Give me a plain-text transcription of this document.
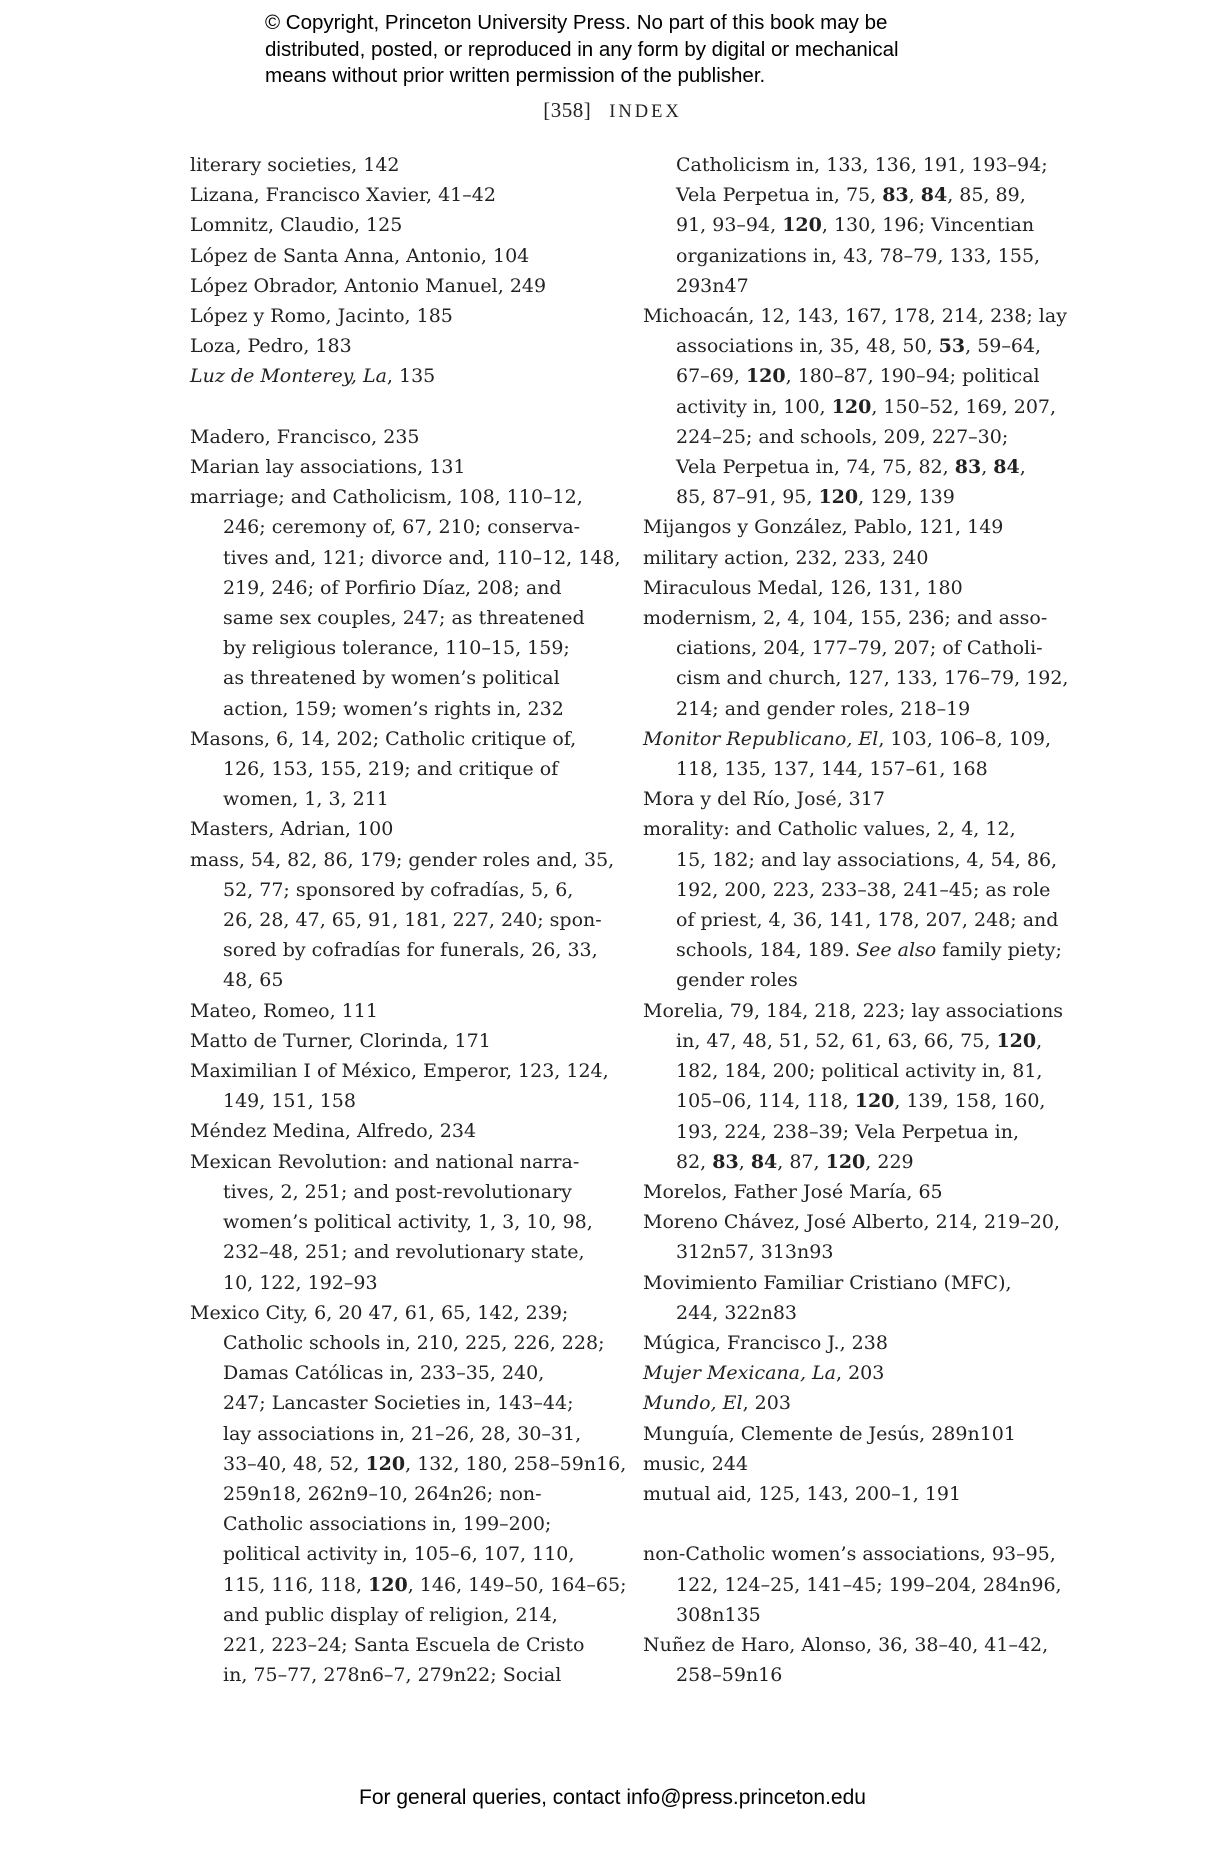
© Copyright, Princeton University Press. No part of this book may be
distributed, posted, or reproduced in any form by digital or mechanical
means without prior written permission of the publisher.
[358] INDEX
literary societies, 142
Lizana, Francisco Xavier, 41–42
Lomnitz, Claudio, 125
López de Santa Anna, Antonio, 104
López Obrador, Antonio Manuel, 249
López y Romo, Jacinto, 185
Loza, Pedro, 183
Luz de Monterey, La, 135
Madero, Francisco, 235
Marian lay associations, 131
marriage; and Catholicism, 108, 110–12,
246; ceremony of, 67, 210; conserva-
tives and, 121; divorce and, 110–12, 148,
219, 246; of Porfirio Díaz, 208; and
same sex couples, 247; as threatened
by religious tolerance, 110–15, 159;
as threatened by women’s political
action, 159; women’s rights in, 232
Masons, 6, 14, 202; Catholic critique of,
126, 153, 155, 219; and critique of
women, 1, 3, 211
Masters, Adrian, 100
mass, 54, 82, 86, 179; gender roles and, 35,
52, 77; sponsored by cofradías, 5, 6,
26, 28, 47, 65, 91, 181, 227, 240; spon-
sored by cofradías for funerals, 26, 33,
48, 65
Mateo, Romeo, 111
Matto de Turner, Clorinda, 171
Maximilian I of México, Emperor, 123, 124,
149, 151, 158
Méndez Medina, Alfredo, 234
Mexican Revolution: and national narra-
tives, 2, 251; and post-revolutionary
women’s political activity, 1, 3, 10, 98,
232–48, 251; and revolutionary state,
10, 122, 192–93
Mexico City, 6, 20 47, 61, 65, 142, 239;
Catholic schools in, 210, 225, 226, 228;
Damas Católicas in, 233–35, 240,
247; Lancaster Societies in, 143–44;
lay associations in, 21–26, 28, 30–31,
33–40, 48, 52, 120, 132, 180, 258–59n16,
259n18, 262n9–10, 264n26; non-
Catholic associations in, 199–200;
political activity in, 105–6, 107, 110,
115, 116, 118, 120, 146, 149–50, 164–65;
and public display of religion, 214,
221, 223–24; Santa Escuela de Cristo
in, 75–77, 278n6–7, 279n22; Social
Catholicism in, 133, 136, 191, 193–94;
Vela Perpetua in, 75, 83, 84, 85, 89,
91, 93–94, 120, 130, 196; Vincentian
organizations in, 43, 78–79, 133, 155,
293n47
Michoacán, 12, 143, 167, 178, 214, 238; lay
associations in, 35, 48, 50, 53, 59–64,
67–69, 120, 180–87, 190–94; political
activity in, 100, 120, 150–52, 169, 207,
224–25; and schools, 209, 227–30;
Vela Perpetua in, 74, 75, 82, 83, 84,
85, 87–91, 95, 120, 129, 139
Mijangos y González, Pablo, 121, 149
military action, 232, 233, 240
Miraculous Medal, 126, 131, 180
modernism, 2, 4, 104, 155, 236; and asso-
ciations, 204, 177–79, 207; of Catholi-
cism and church, 127, 133, 176–79, 192,
214; and gender roles, 218–19
Monitor Republicano, El, 103, 106–8, 109,
118, 135, 137, 144, 157–61, 168
Mora y del Río, José, 317
morality: and Catholic values, 2, 4, 12,
15, 182; and lay associations, 4, 54, 86,
192, 200, 223, 233–38, 241–45; as role
of priest, 4, 36, 141, 178, 207, 248; and
schools, 184, 189. See also family piety;
gender roles
Morelia, 79, 184, 218, 223; lay associations
in, 47, 48, 51, 52, 61, 63, 66, 75, 120,
182, 184, 200; political activity in, 81,
105–06, 114, 118, 120, 139, 158, 160,
193, 224, 238–39; Vela Perpetua in,
82, 83, 84, 87, 120, 229
Morelos, Father José María, 65
Moreno Chávez, José Alberto, 214, 219–20,
312n57, 313n93
Movimiento Familiar Cristiano (MFC),
244, 322n83
Múgica, Francisco J., 238
Mujer Mexicana, La, 203
Mundo, El, 203
Munguía, Clemente de Jesús, 289n101
music, 244
mutual aid, 125, 143, 200–1, 191
non-Catholic women’s associations, 93–95,
122, 124–25, 141–45; 199–204, 284n96,
308n135
Nuñez de Haro, Alonso, 36, 38–40, 41–42,
258–59n16
For general queries, contact info@press.princeton.edu
